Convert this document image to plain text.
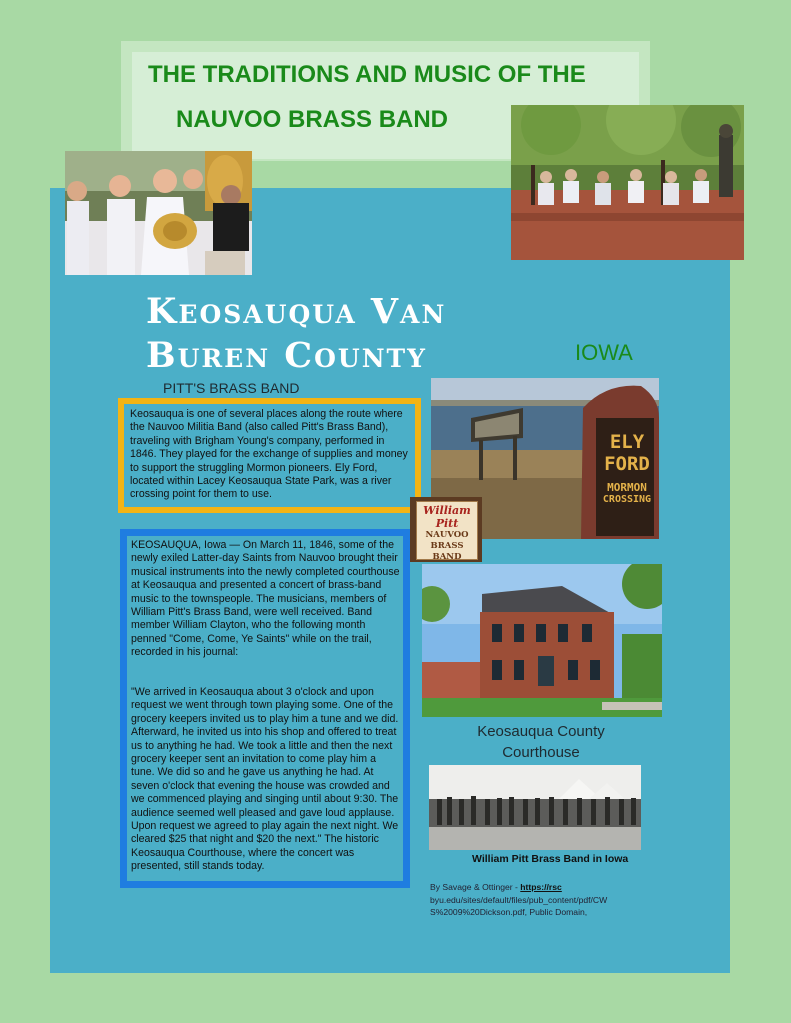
THE TRADITIONS AND MUSIC OF THE

NAUVOO BRASS BAND

Keosauqua Van
Buren County	IOWA
PITT'S BRASS BAND

Keosauqua is one of several places along the route where the Nauvoo Militia Band (also called Pitt's Brass Band), traveling with Brigham Young's company, performed in 1846. They played for the exchange of supplies and money to support the struggling Mormon pioneers. Ely Ford, located within Lacey Keosauqua State Park, was a river crossing point for them to use.

KEOSAUQUA, Iowa — On March 11, 1846, some of the newly exiled Latter-day Saints from Nauvoo brought their musical instruments into the newly completed courthouse at Keosauqua and presented a concert of brass-band music to the townspeople. The musicians, members of William Pitt's Brass Band, were well received. Band member William Clayton, who the following month penned "Come, Come, Ye Saints" while on the trail, recorded in his journal:

"We arrived in Keosauqua about 3 o'clock and upon request we went through town playing some. One of the grocery keepers invited us to play him a tune and we did. Afterward, he invited us into his shop and offered to treat us to anything he had. We took a little and then the next grocery keeper sent an invitation to come play him a tune. We did so and he gave us anything he had. At seven o'clock that evening the house was crowded and we commenced playing and singing until about 9:30. The audience seemed well pleased and gave loud applause. Upon request we agreed to play again the next night. We cleared $25 that night and $20 the next." The historic Keosauqua Courthouse, where the concert was presented, still stands today.

ELY
FORD
MORMON
CROSSING
William Pitt
NAUVOO
BRASS
BAND
Keosauqua County Courthouse
William Pitt Brass Band in Iowa
By Savage & Ottinger - https://rsc
byu.edu/sites/default/files/pub_content/pdf/CWS%2009%20Dickson.pdf, Public Domain,
